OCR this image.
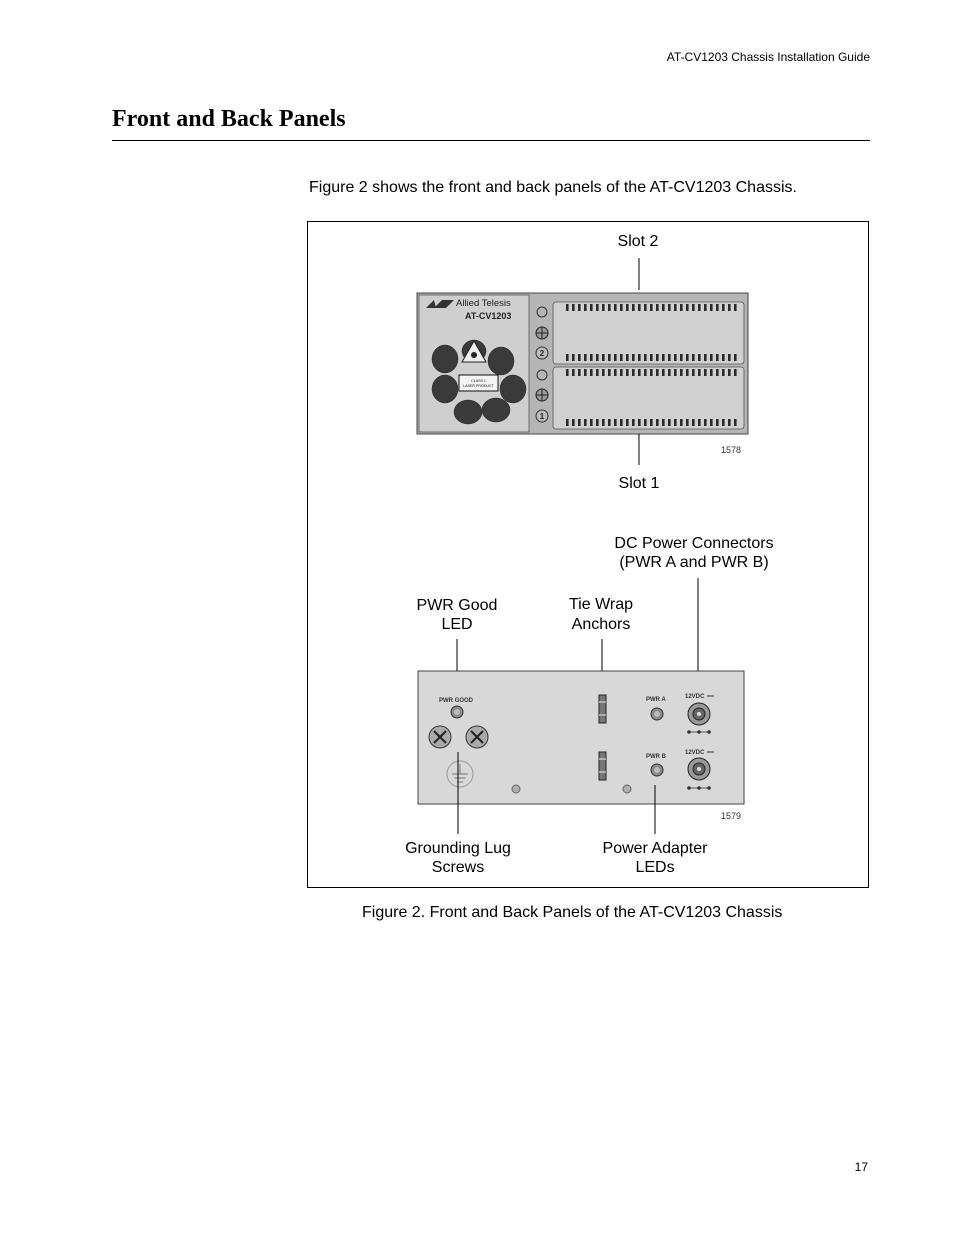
AT-CV1203 Chassis Installation Guide
Front and Back Panels

Figure 2 shows the front and back panels of the AT-CV1203 Chassis.

Slot 2
Allied Telesis
AT-CV1203
CLASS 1
LASER PRODUCT
2
1
1578
Slot 1
DC Power Connectors
(PWR A and PWR B)
PWR Good
LED
Tie Wrap
Anchors
PWR GOOD	PWR A
PWR B
12VDC
12VDC
1579
Grounding Lug
Screws
Power Adapter
LEDs

Figure 2. Front and Back Panels of the AT-CV1203 Chassis

17
